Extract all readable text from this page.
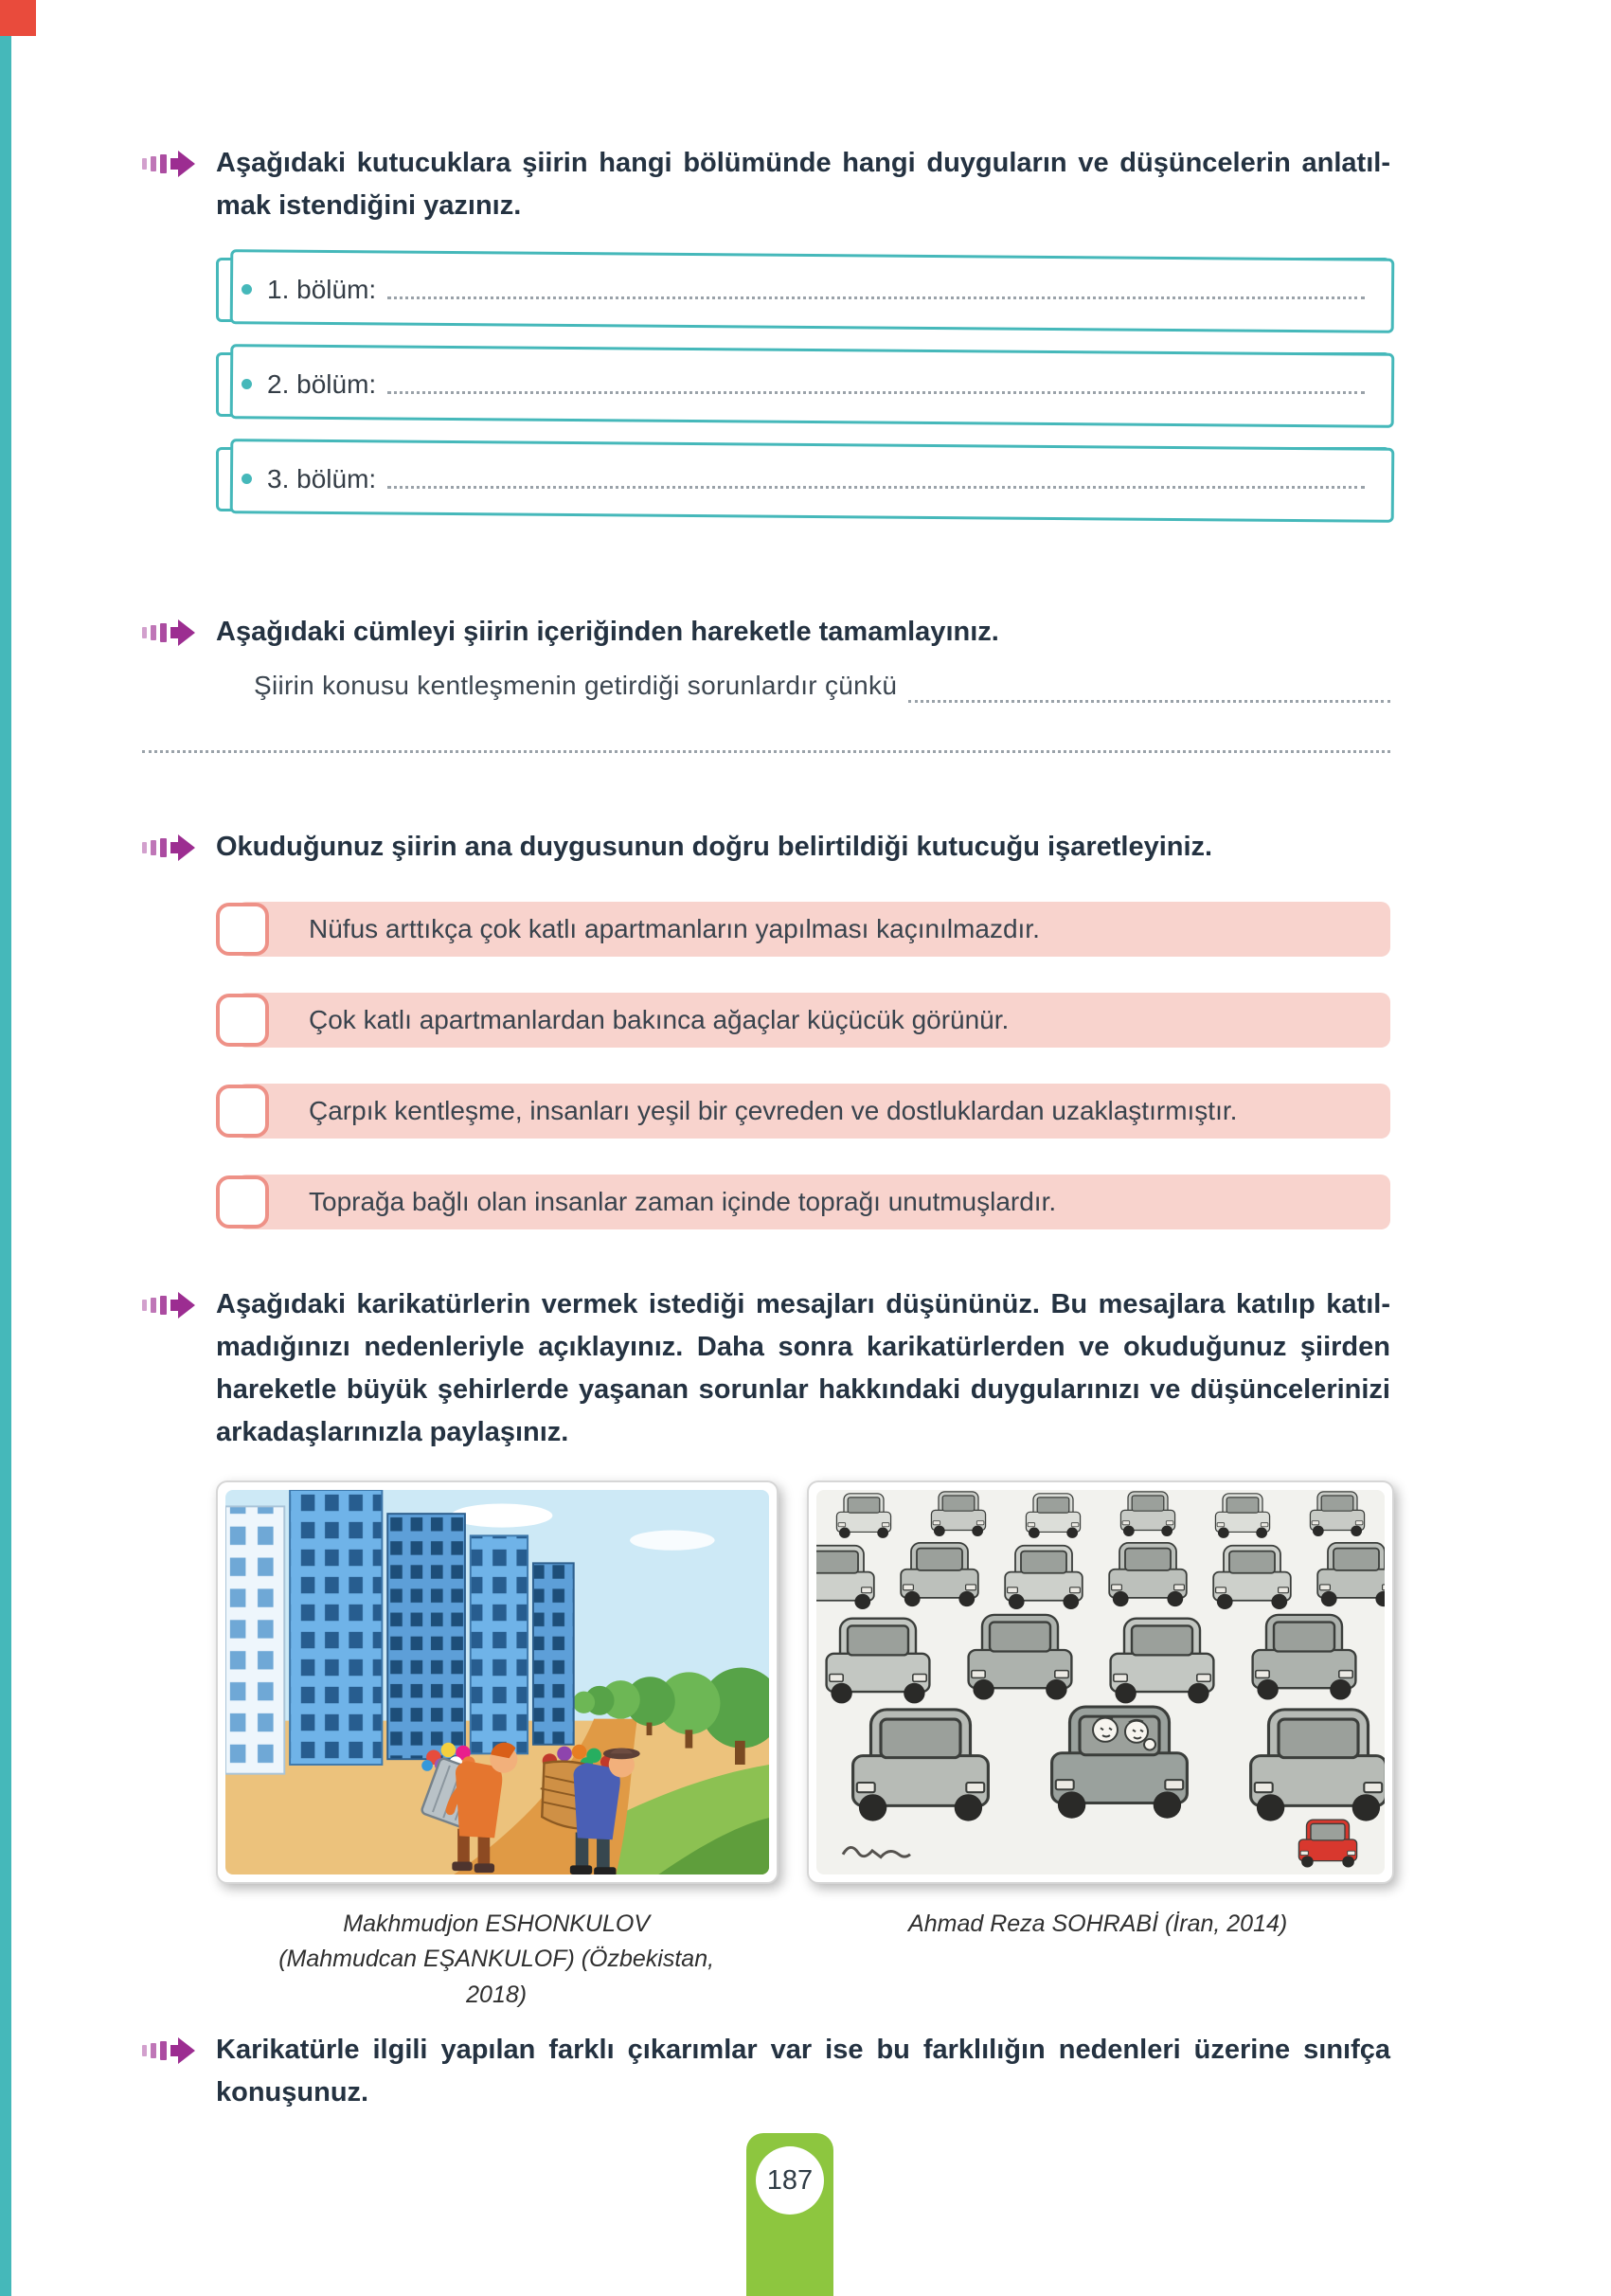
Aşağıdaki kutucuklara şiirin hangi bölümünde hangi duyguların ve düşüncelerin anlatılmak istendiğini yazınız.

1. bölüm:
2. bölüm:
3. bölüm:

Aşağıdaki cümleyi şiirin içeriğinden hareketle tamamlayınız.

Şiirin konusu kentleşmenin getirdiği sorunlardır çünkü

Okuduğunuz şiirin ana duygusunun doğru belirtildiği kutucuğu işaretleyiniz.

Nüfus arttıkça çok katlı apartmanların yapılması kaçınılmazdır.
Çok katlı apartmanlardan bakınca ağaçlar küçücük görünür.
Çarpık kentleşme, insanları yeşil bir çevreden ve dostluklardan uzaklaştırmıştır.
Toprağa bağlı olan insanlar zaman içinde toprağı unutmuşlardır.

Aşağıdaki karikatürlerin vermek istediği mesajları düşününüz. Bu mesajlara katılıp katılmadığınızı nedenleriyle açıklayınız. Daha sonra karikatürlerden ve okuduğunuz şiirden hareketle büyük şehirlerde yaşanan sorunlar hakkındaki duygularınızı ve düşüncelerinizi arkadaşlarınızla paylaşınız.

Makhmudjon ESHONKULOV (Mahmudcan EŞANKULOF) (Özbekistan, 2018)

Ahmad Reza SOHRABİ (İran, 2014)

Karikatürle ilgili yapılan farklı çıkarımlar var ise bu farklılığın nedenleri üzerine sınıfça konuşunuz.

187
